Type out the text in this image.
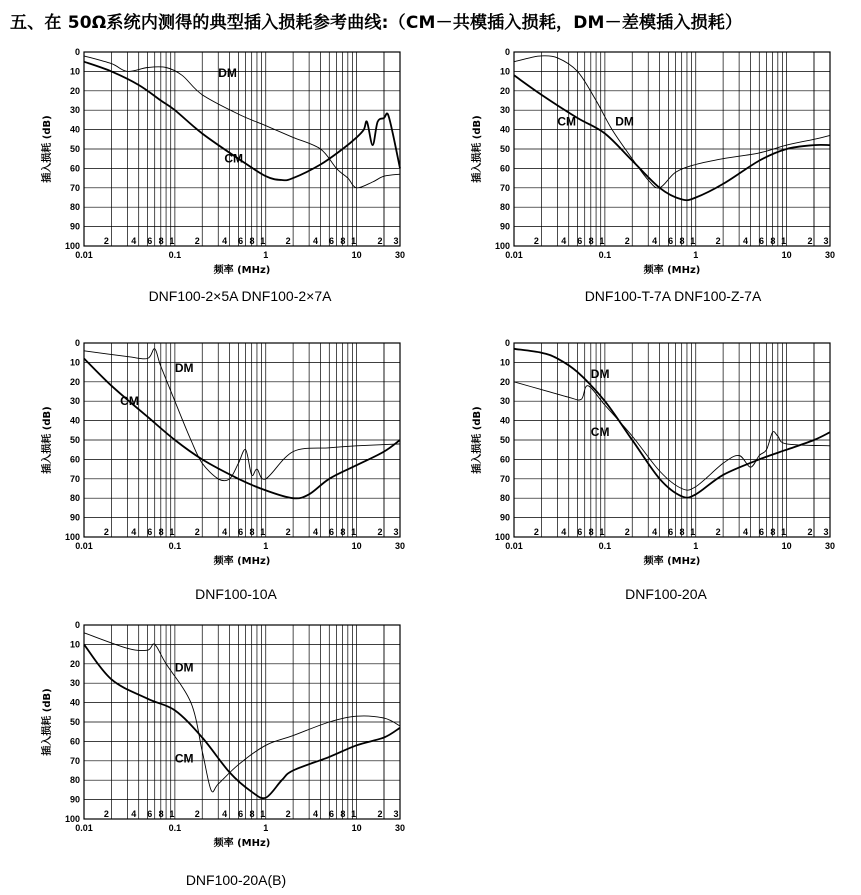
五、在 50Ω系统内测得的典型插入损耗参考曲线:（CM－共模插入损耗，DM－差模插入损耗）
0
10
20
30
40
50
60
70
80
90
100	2 4 6 8 1 2 4 6 8 1 2 4 6 8 1 2 3
0.01	0.1	1	10	30
频率 (MHz)
插入损耗 (dB)
DM
CM
DNF100-2×5A DNF100-2×7A
0
10
20
30
40
50
60
70
80
90
100	2 4 6 8 1 2 4 6 8 1 2 4 6 8 1 2 3
0.01	0.1	1	10	30
频率 (MHz)
插入损耗 (dB)	CM	DM
DNF100-T-7A DNF100-Z-7A
0
10
20
30
40
50
60
70
80
90
100	2 4 6 8 1 2 4 6 8 1 2 4 6 8 1 2 3
0.01	0.1	1	10	30
频率 (MHz)
插入损耗 (dB)
DM
CM
DNF100-10A
0
10
20
30
40
50
60
70
80
90
100	2 4 6 8 1 2 4 6 8 1 2 4 6 8 1 2 3
0.01	0.1	1	10	30
频率 (MHz)
插入损耗 (dB)
DM
CM
DNF100-20A
0
10
20
30
40
50
60
70
80
90
100	2 4 6 8 1 2 4 6 8 1 2 4 6 8 1 2 3
0.01	0.1	1	10	30
频率 (MHz)
插入损耗 (dB)
DM
CM
DNF100-20A(B)
